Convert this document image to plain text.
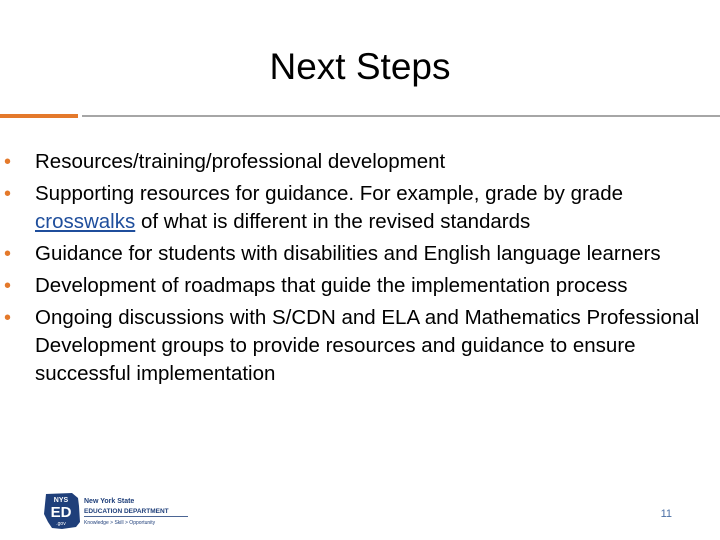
Next Steps
• Resources/training/professional development
• Supporting resources for guidance. For example, grade by grade crosswalks of what is different in the revised standards
• Guidance for students with disabilities and English language learners
• Development of roadmaps that guide the implementation process
• Ongoing discussions with S/CDN and ELA and Mathematics Professional Development groups to provide resources and guidance to ensure successful implementation
NYS
ED
.gov
New York State
EDUCATION DEPARTMENT
Knowledge > Skill > Opportunity
11
